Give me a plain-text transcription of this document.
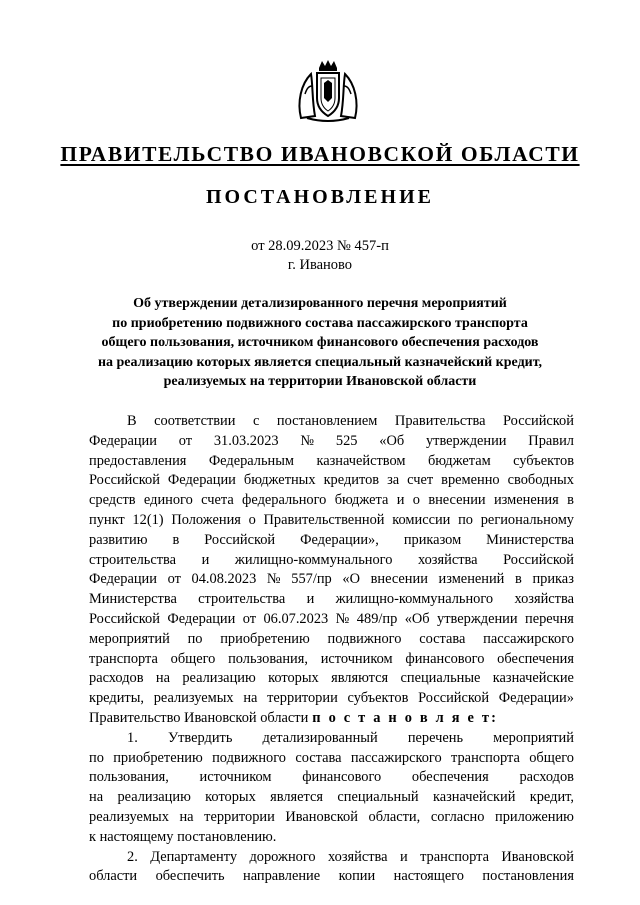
ПРАВИТЕЛЬСТВО ИВАНОВСКОЙ ОБЛАСТИ
ПОСТАНОВЛЕНИЕ
от 28.09.2023 № 457-п
г. Иваново
Об утверждении детализированного перечня мероприятий
по приобретению подвижного состава пассажирского транспорта
общего пользования, источником финансового обеспечения расходов
на реализацию которых является специальный казначейский кредит,
реализуемых на территории Ивановской области
В соответствии с постановлением Правительства Российской
Федерации от 31.03.2023 № 525 «Об утверждении Правил
предоставления Федеральным казначейством бюджетам субъектов
Российской Федерации бюджетных кредитов за счет временно свободных
средств единого счета федерального бюджета и о внесении изменения в
пункт 12(1) Положения о Правительственной комиссии по региональному
развитию в Российской Федерации», приказом Министерства
строительства и жилищно-коммунального хозяйства Российской
Федерации от 04.08.2023 № 557/пр «О внесении изменений в приказ
Министерства строительства и жилищно-коммунального хозяйства
Российской Федерации от 06.07.2023 № 489/пр «Об утверждении перечня
мероприятий по приобретению подвижного состава пассажирского
транспорта общего пользования, источником финансового обеспечения
расходов на реализацию которых являются специальные казначейские
кредиты, реализуемых на территории субъектов Российской Федерации»
Правительство Ивановской области п о с т а н о в л я е т:
1. Утвердить детализированный перечень мероприятий
по приобретению подвижного состава пассажирского транспорта общего
пользования, источником финансового обеспечения расходов
на реализацию которых является специальный казначейский кредит,
реализуемых на территории Ивановской области, согласно приложению
к настоящему постановлению.
2. Департаменту дорожного хозяйства и транспорта Ивановской
области обеспечить направление копии настоящего постановления
